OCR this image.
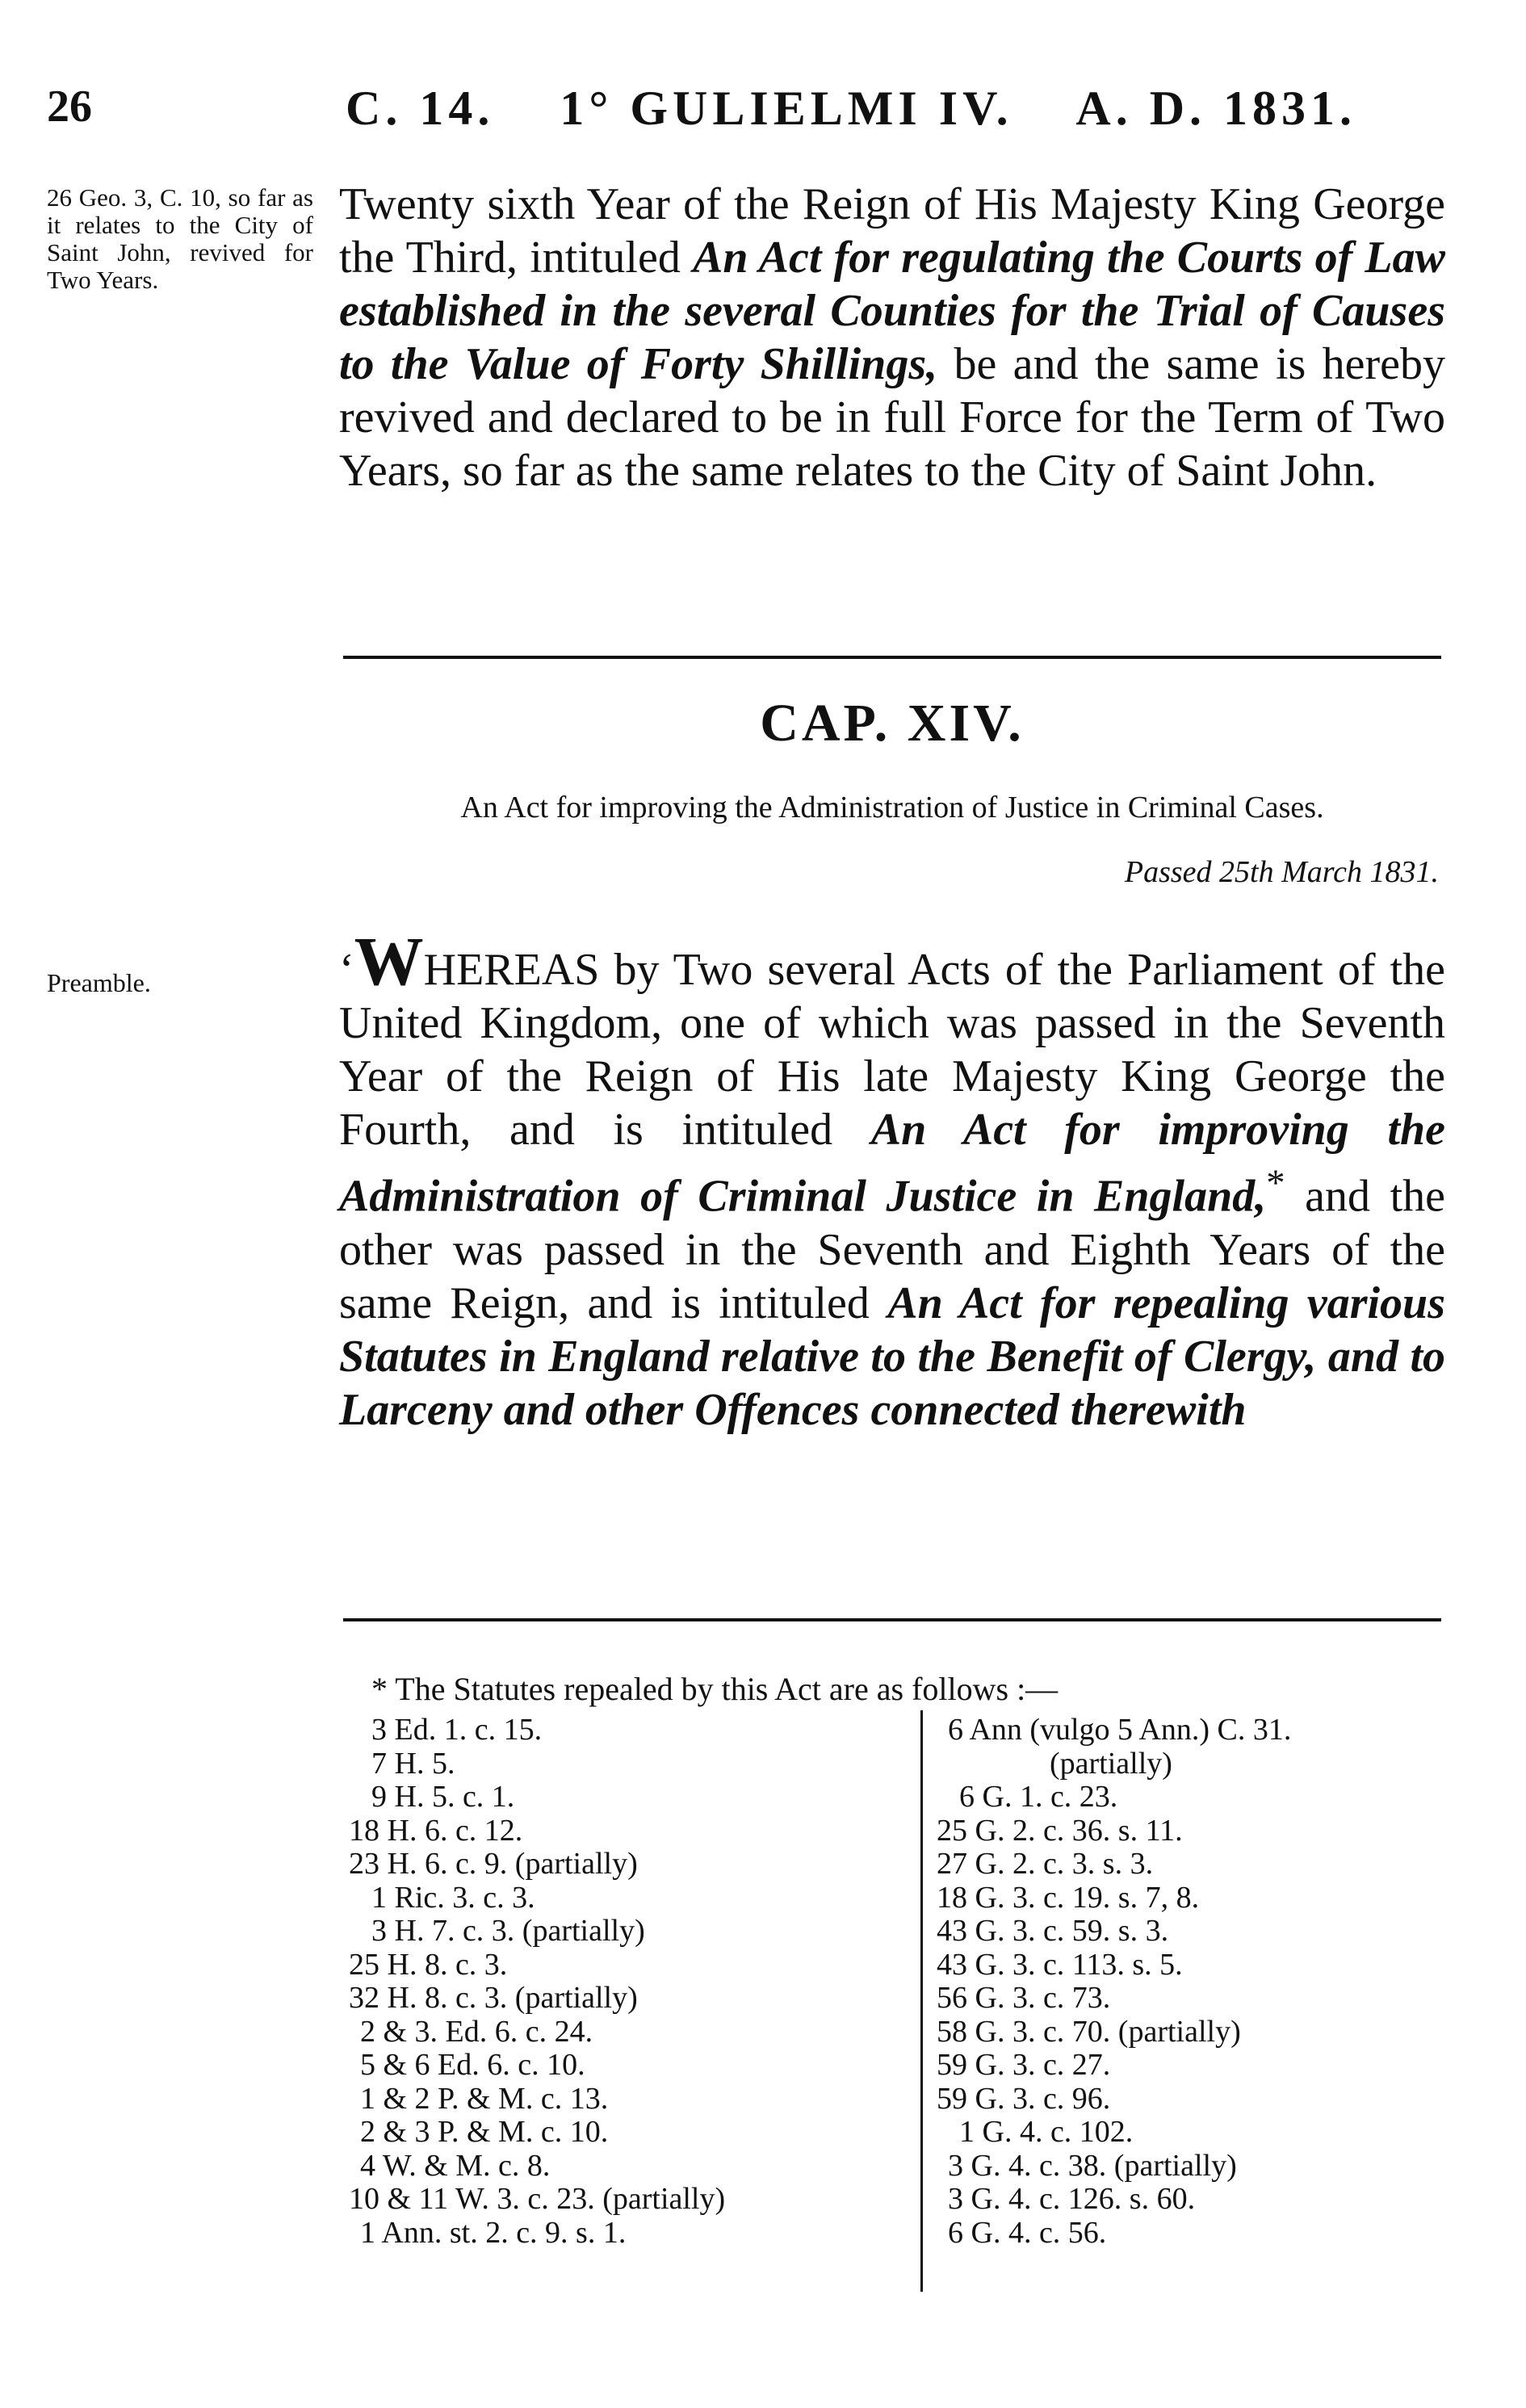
26	C. 14. 1° GULIELMI IV. A. D. 1831.
26 Geo. 3, C. 10, so far as it relates to the City of Saint John, revived for Two Years.
Twenty sixth Year of the Reign of His Majesty King George the Third, intituled An Act for regulating the Courts of Law established in the several Counties for the Trial of Causes to the Value of Forty Shillings, be and the same is hereby revived and declared to be in full Force for the Term of Two Years, so far as the same relates to the City of Saint John.
CAP. XIV.
An Act for improving the Administration of Justice in Criminal Cases.
Passed 25th March 1831.
Preamble.	‘WHEREAS by Two several Acts of the Parliament of the United Kingdom, one of which was passed in the Seventh Year of the Reign of His late Majesty King George the Fourth, and is intituled An Act for improving the Administration of Criminal Justice in England,* and the other was passed in the Seventh and Eighth Years of the same Reign, and is intituled An Act for repealing various Statutes in England relative to the Benefit of Clergy, and to Larceny and other Offences connected therewith
* The Statutes repealed by this Act are as follows :—
3 Ed. 1. c. 15.
7 H. 5.
9 H. 5. c. 1.
18 H. 6. c. 12.
23 H. 6. c. 9. (partially)
1 Ric. 3. c. 3.
3 H. 7. c. 3. (partially)
25 H. 8. c. 3.
32 H. 8. c. 3. (partially)
2 & 3. Ed. 6. c. 24.
5 & 6 Ed. 6. c. 10.
1 & 2 P. & M. c. 13.
2 & 3 P. & M. c. 10.
4 W. & M. c. 8.
10 & 11 W. 3. c. 23. (partially)
1 Ann. st. 2. c. 9. s. 1.
6 Ann (vulgo 5 Ann.) C. 31.
(partially)
6 G. 1. c. 23.
25 G. 2. c. 36. s. 11.
27 G. 2. c. 3. s. 3.
18 G. 3. c. 19. s. 7, 8.
43 G. 3. c. 59. s. 3.
43 G. 3. c. 113. s. 5.
56 G. 3. c. 73.
58 G. 3. c. 70. (partially)
59 G. 3. c. 27.
59 G. 3. c. 96.
1 G. 4. c. 102.
3 G. 4. c. 38. (partially)
3 G. 4. c. 126. s. 60.
6 G. 4. c. 56.
